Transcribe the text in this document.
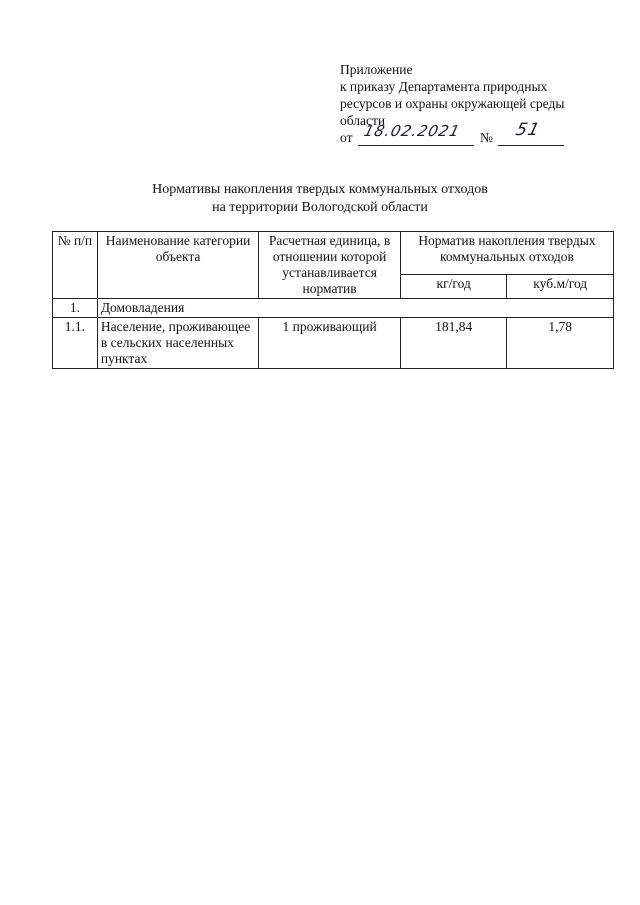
Приложение
к приказу Департамента природных
ресурсов и охраны окружающей среды
области
от 18.02.2021 № 51
Нормативы накопления твердых коммунальных отходов
на территории Вологодской области
№ п/п	Наименование категории объекта	Расчетная единица, в отношении которой устанавливается норматив	Норматив накопления твердых коммунальных отходов	
			кг/год	куб.м/год
1.	Домовладения			
1.1.	Население, проживающее в сельских населенных пунктах	1 проживающий	181,84	1,78
